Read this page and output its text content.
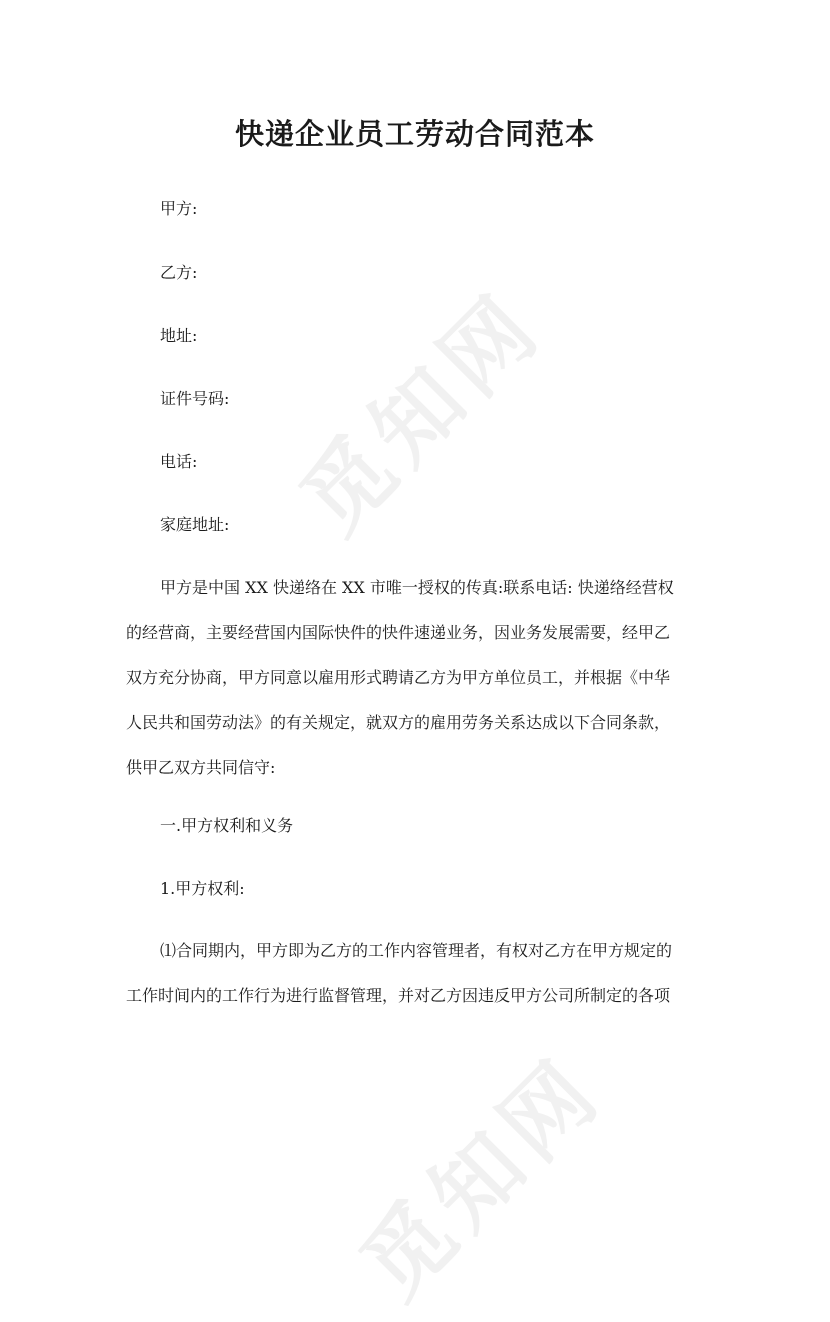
觅知网
觅知网
快递企业员工劳动合同范本
甲方:
乙方:
地址:
证件号码:
电话:
家庭地址:
甲方是中国 XX 快递络在 XX 市唯一授权的传真:联系电话: 快递络经营权
的经营商，主要经营国内国际快件的快件速递业务，因业务发展需要，经甲乙
双方充分协商，甲方同意以雇用形式聘请乙方为甲方单位员工，并根据《中华
人民共和国劳动法》的有关规定，就双方的雇用劳务关系达成以下合同条款，
供甲乙双方共同信守:
一.甲方权利和义务
1.甲方权利:
⑴合同期内，甲方即为乙方的工作内容管理者，有权对乙方在甲方规定的
工作时间内的工作行为进行监督管理，并对乙方因违反甲方公司所制定的各项
